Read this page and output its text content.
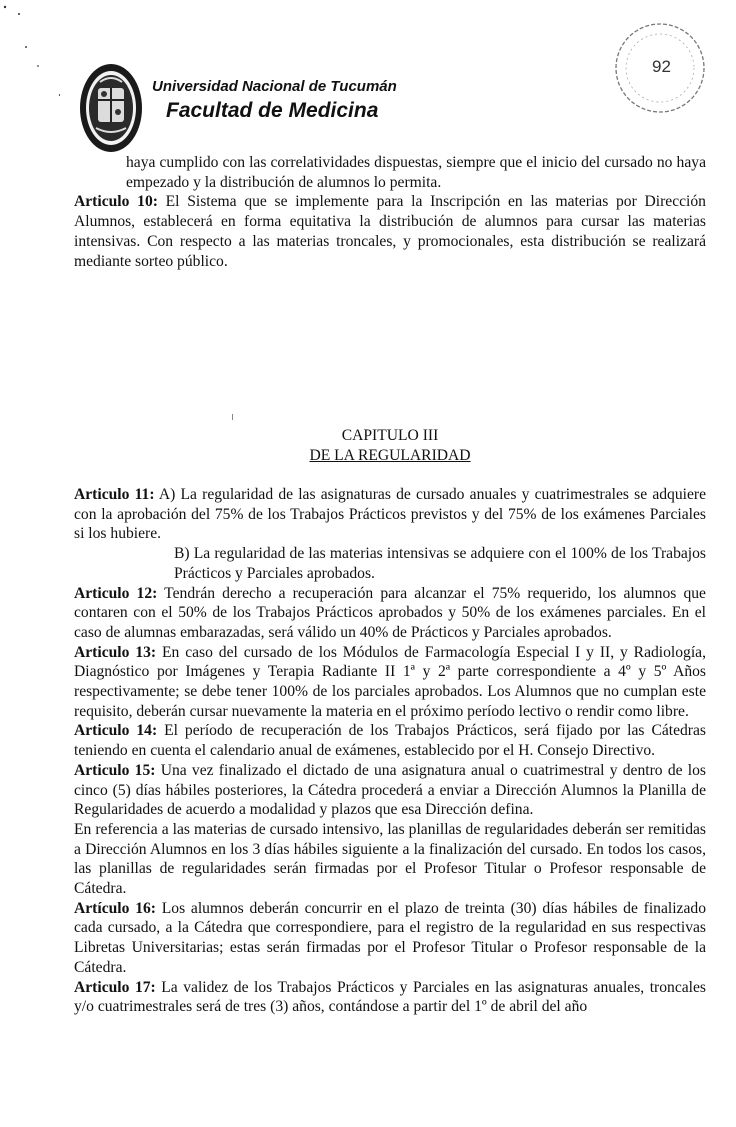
Universidad Nacional de Tucumán

Facultad de Medicina

92

haya cumplido con las correlatividades dispuestas, siempre que el inicio del cursado no haya empezado y la distribución de alumnos lo permita.

Articulo 10: El Sistema que se implemente para la Inscripción en las materias por Dirección Alumnos, establecerá en forma equitativa la distribución de alumnos para cursar las materias intensivas. Con respecto a las materias troncales, y promocionales, esta distribución se realizará mediante sorteo público.

CAPITULO III

DE LA REGULARIDAD

Articulo 11: A) La regularidad de las asignaturas de cursado anuales y cuatrimestrales se adquiere con la aprobación del 75% de los Trabajos Prácticos previstos y del 75% de los exámenes Parciales si los hubiere.

B) La regularidad de las materias intensivas se adquiere con el 100% de los Trabajos Prácticos y Parciales aprobados.

Articulo 12: Tendrán derecho a recuperación para alcanzar el 75% requerido, los alumnos que contaren con el 50% de los Trabajos Prácticos aprobados y 50% de los exámenes parciales. En el caso de alumnas embarazadas, será válido un 40% de Prácticos y Parciales aprobados.

Articulo 13: En caso del cursado de los Módulos de Farmacología Especial I y II, y Radiología, Diagnóstico por Imágenes y Terapia Radiante II 1ª y 2ª parte correspondiente a 4º y 5º Años respectivamente; se debe tener 100% de los parciales aprobados. Los Alumnos que no cumplan este requisito, deberán cursar nuevamente la materia en el próximo período lectivo o rendir como libre.

Articulo 14: El período de recuperación de los Trabajos Prácticos, será fijado por las Cátedras teniendo en cuenta el calendario anual de exámenes, establecido por el H. Consejo Directivo.

Articulo 15: Una vez finalizado el dictado de una asignatura anual o cuatrimestral y dentro de los cinco (5) días hábiles posteriores, la Cátedra procederá a enviar a Dirección Alumnos la Planilla de Regularidades de acuerdo a modalidad y plazos que esa Dirección defina.

En referencia a las materias de cursado intensivo, las planillas de regularidades deberán ser remitidas a Dirección Alumnos en los 3 días hábiles siguiente a la finalización del cursado. En todos los casos, las planillas de regularidades serán firmadas por el Profesor Titular o Profesor responsable de Cátedra.

Artículo 16: Los alumnos deberán concurrir en el plazo de treinta (30) días hábiles de finalizado cada cursado, a la Cátedra que correspondiere, para el registro de la regularidad en sus respectivas Libretas Universitarias; estas serán firmadas por el Profesor Titular o Profesor responsable de la Cátedra.

Articulo 17: La validez de los Trabajos Prácticos y Parciales en las asignaturas anuales, troncales y/o cuatrimestrales será de tres (3) años, contándose a partir del 1º de abril del año
